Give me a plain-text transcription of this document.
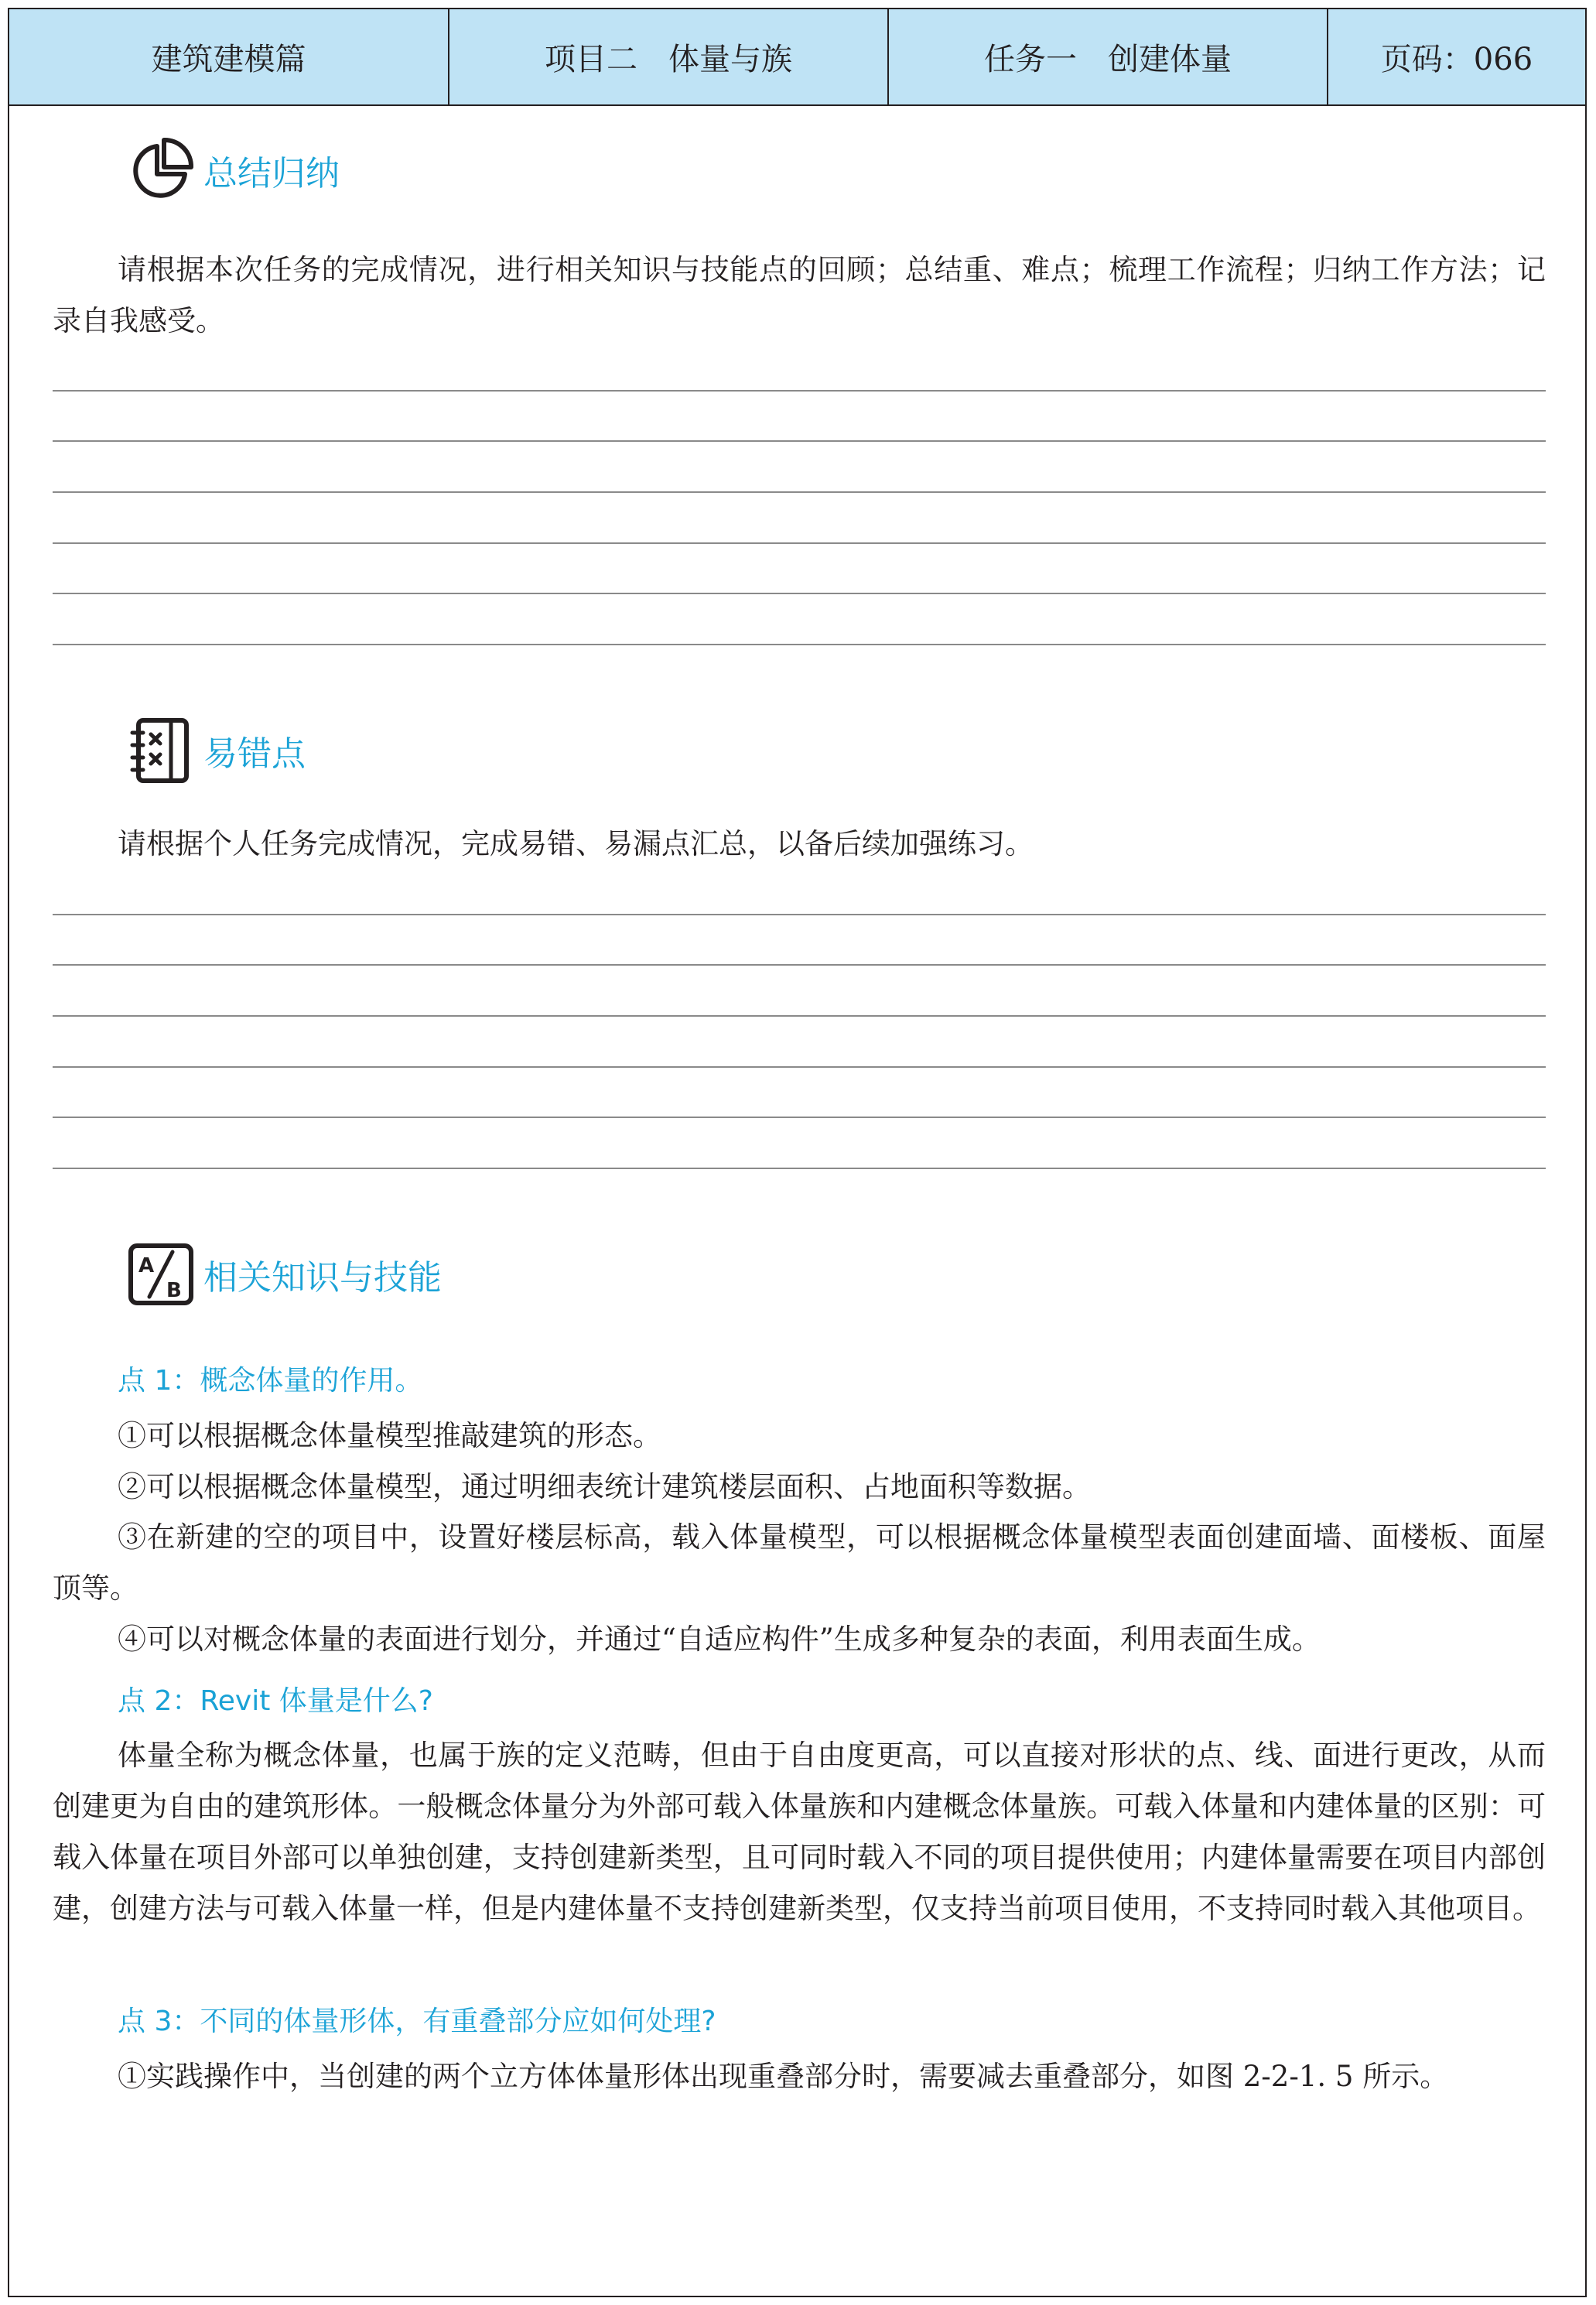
建筑建模篇	项目二　体量与族	任务一　创建体量	页码：066
总结归纳
请根据本次任务的完成情况，进行相关知识与技能点的回顾；总结重、难点；梳理工作流程；归纳工作方法；记录自我感受。
易错点
请根据个人任务完成情况，完成易错、易漏点汇总，以备后续加强练习。
A
B 相关知识与技能
点 1：概念体量的作用。
①可以根据概念体量模型推敲建筑的形态。
②可以根据概念体量模型，通过明细表统计建筑楼层面积、占地面积等数据。
③在新建的空的项目中，设置好楼层标高，载入体量模型，可以根据概念体量模型表面创建面墙、面楼板、面屋顶等。
④可以对概念体量的表面进行划分，并通过“自适应构件”生成多种复杂的表面，利用表面生成。
点 2：Revit 体量是什么?
体量全称为概念体量，也属于族的定义范畴，但由于自由度更高，可以直接对形状的点、线、面进行更改，从而创建更为自由的建筑形体。一般概念体量分为外部可载入体量族和内建概念体量族。可载入体量和内建体量的区别：可载入体量在项目外部可以单独创建，支持创建新类型，且可同时载入不同的项目提供使用；内建体量需要在项目内部创建，创建方法与可载入体量一样，但是内建体量不支持创建新类型，仅支持当前项目使用，不支持同时载入其他项目。
点 3：不同的体量形体，有重叠部分应如何处理?
①实践操作中，当创建的两个立方体体量形体出现重叠部分时，需要减去重叠部分，如图 2-2-1. 5 所示。
